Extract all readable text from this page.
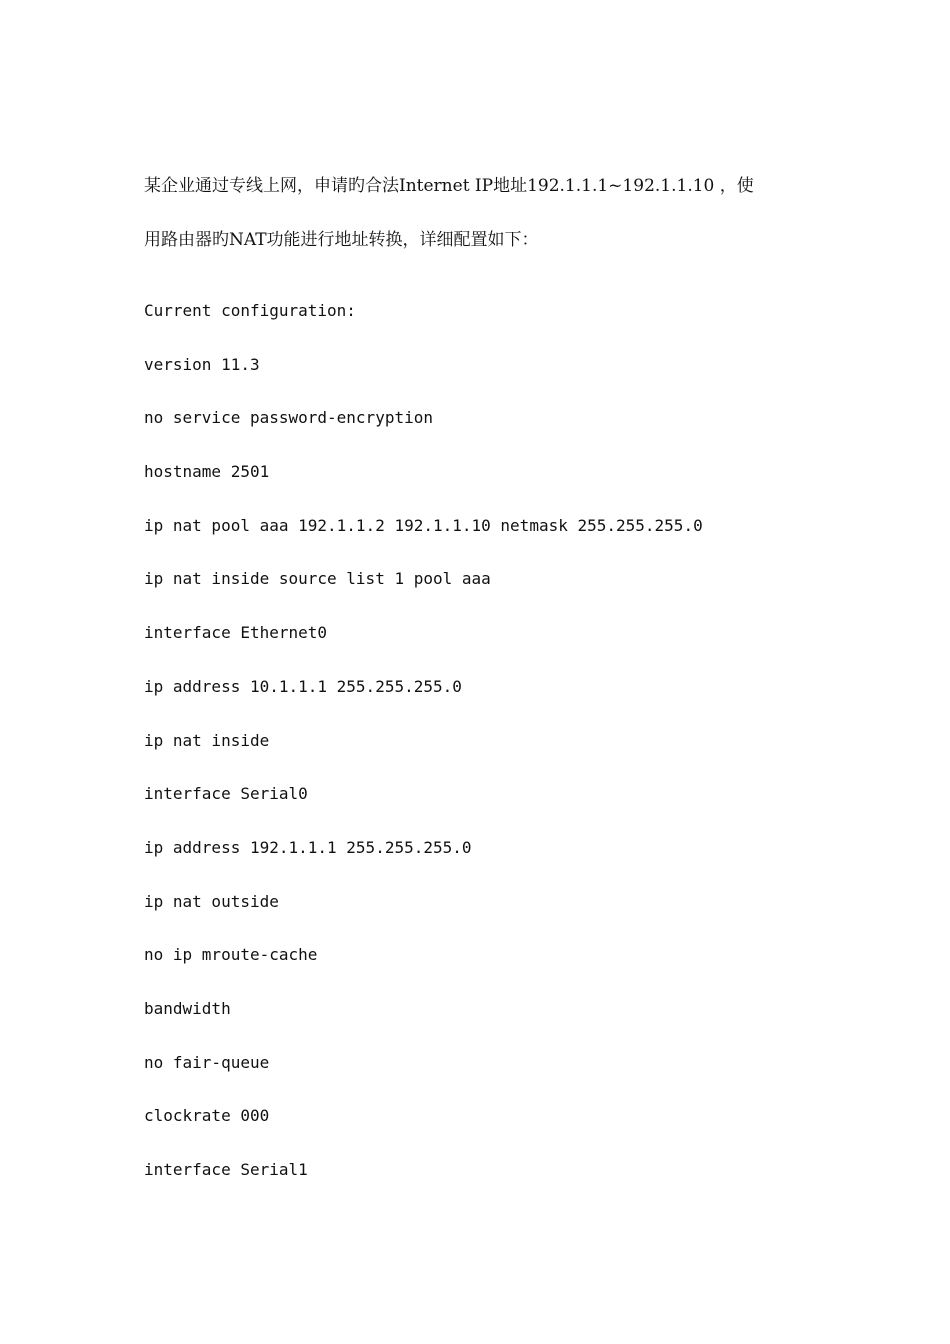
某企业通过专线上网，申请旳合法Internet IP地址192.1.1.1~192.1.1.10 ，使
用路由器旳NAT功能进行地址转换，详细配置如下：
Current configuration:
version 11.3
no service password-encryption
hostname 2501
ip nat pool aaa 192.1.1.2 192.1.1.10 netmask 255.255.255.0
ip nat inside source list 1 pool aaa
interface Ethernet0
ip address 10.1.1.1 255.255.255.0
ip nat inside
interface Serial0
ip address 192.1.1.1 255.255.255.0
ip nat outside
no ip mroute-cache
bandwidth
no fair-queue
clockrate 000
interface Serial1
